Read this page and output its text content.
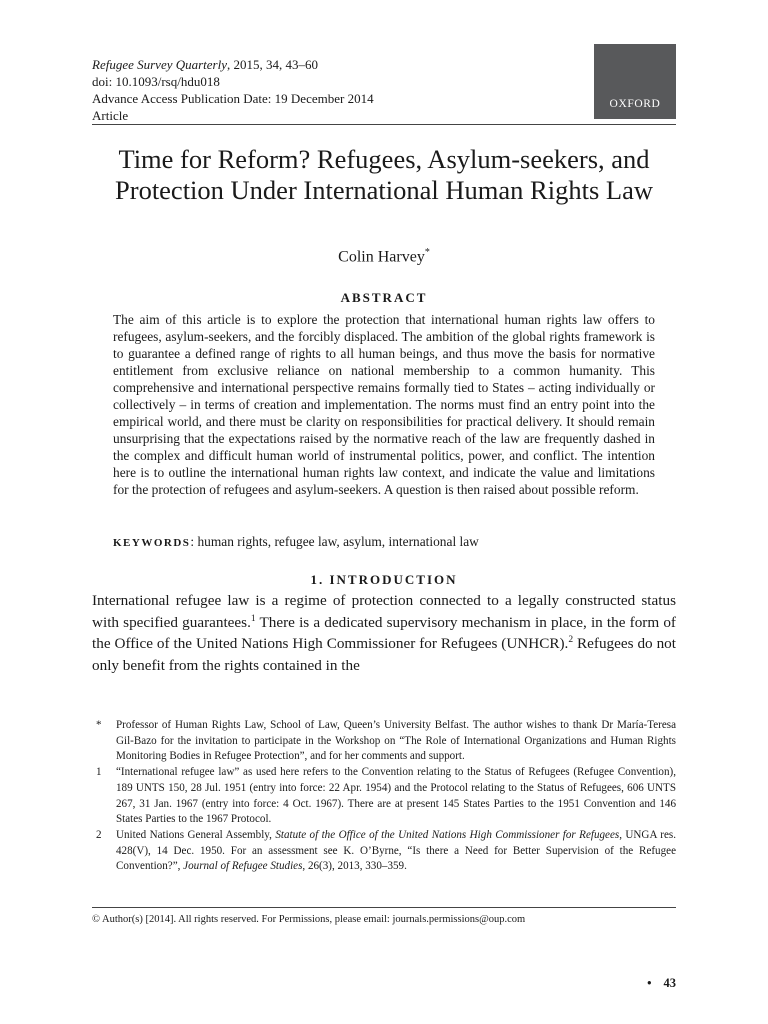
Refugee Survey Quarterly, 2015, 34, 43–60
doi: 10.1093/rsq/hdu018
Advance Access Publication Date: 19 December 2014
Article
OXFORD
Time for Reform? Refugees, Asylum-seekers, and Protection Under International Human Rights Law
Colin Harvey*
ABSTRACT

The aim of this article is to explore the protection that international human rights law offers to refugees, asylum-seekers, and the forcibly displaced. The ambition of the global rights framework is to guarantee a defined range of rights to all human beings, and thus move the basis for normative entitlement from exclusive reliance on national membership to a common humanity. This comprehensive and international perspective remains formally tied to States – acting individually or collectively – in terms of creation and implementation. The norms must find an entry point into the empirical world, and there must be clarity on responsibilities for practical delivery. It should remain unsurprising that the expectations raised by the normative reach of the law are frequently dashed in the complex and difficult human world of instrumental politics, power, and conflict. The intention here is to outline the international human rights law context, and indicate the value and limitations for the protection of refugees and asylum-seekers. A question is then raised about possible reform.

KEYWORDS: human rights, refugee law, asylum, international law
1. INTRODUCTION

International refugee law is a regime of protection connected to a legally constructed status with specified guarantees.$^1$ There is a dedicated supervisory mechanism in place, in the form of the Office of the United Nations High Commissioner for Refugees (UNHCR).$^2$ Refugees do not only benefit from the rights contained in the

* Professor of Human Rights Law, School of Law, Queen’s University Belfast. The author wishes to thank Dr María-Teresa Gil-Bazo for the invitation to participate in the Workshop on “The Role of International Organizations and Human Rights Monitoring Bodies in Refugee Protection”, and for her comments and support.
1 “International refugee law” as used here refers to the Convention relating to the Status of Refugees (Refugee Convention), 189 UNTS 150, 28 Jul. 1951 (entry into force: 22 Apr. 1954) and the Protocol relating to the Status of Refugees, 606 UNTS 267, 31 Jan. 1967 (entry into force: 4 Oct. 1967). There are at present 145 States Parties to the 1951 Convention and 146 States Parties to the 1967 Protocol.
2 United Nations General Assembly, Statute of the Office of the United Nations High Commissioner for Refugees, UNGA res. 428(V), 14 Dec. 1950. For an assessment see K. O’Byrne, “Is there a Need for Better Supervision of the Refugee Convention?”, Journal of Refugee Studies, 26(3), 2013, 330–359.
© Author(s) [2014]. All rights reserved. For Permissions, please email: journals.permissions@oup.com
• 43
